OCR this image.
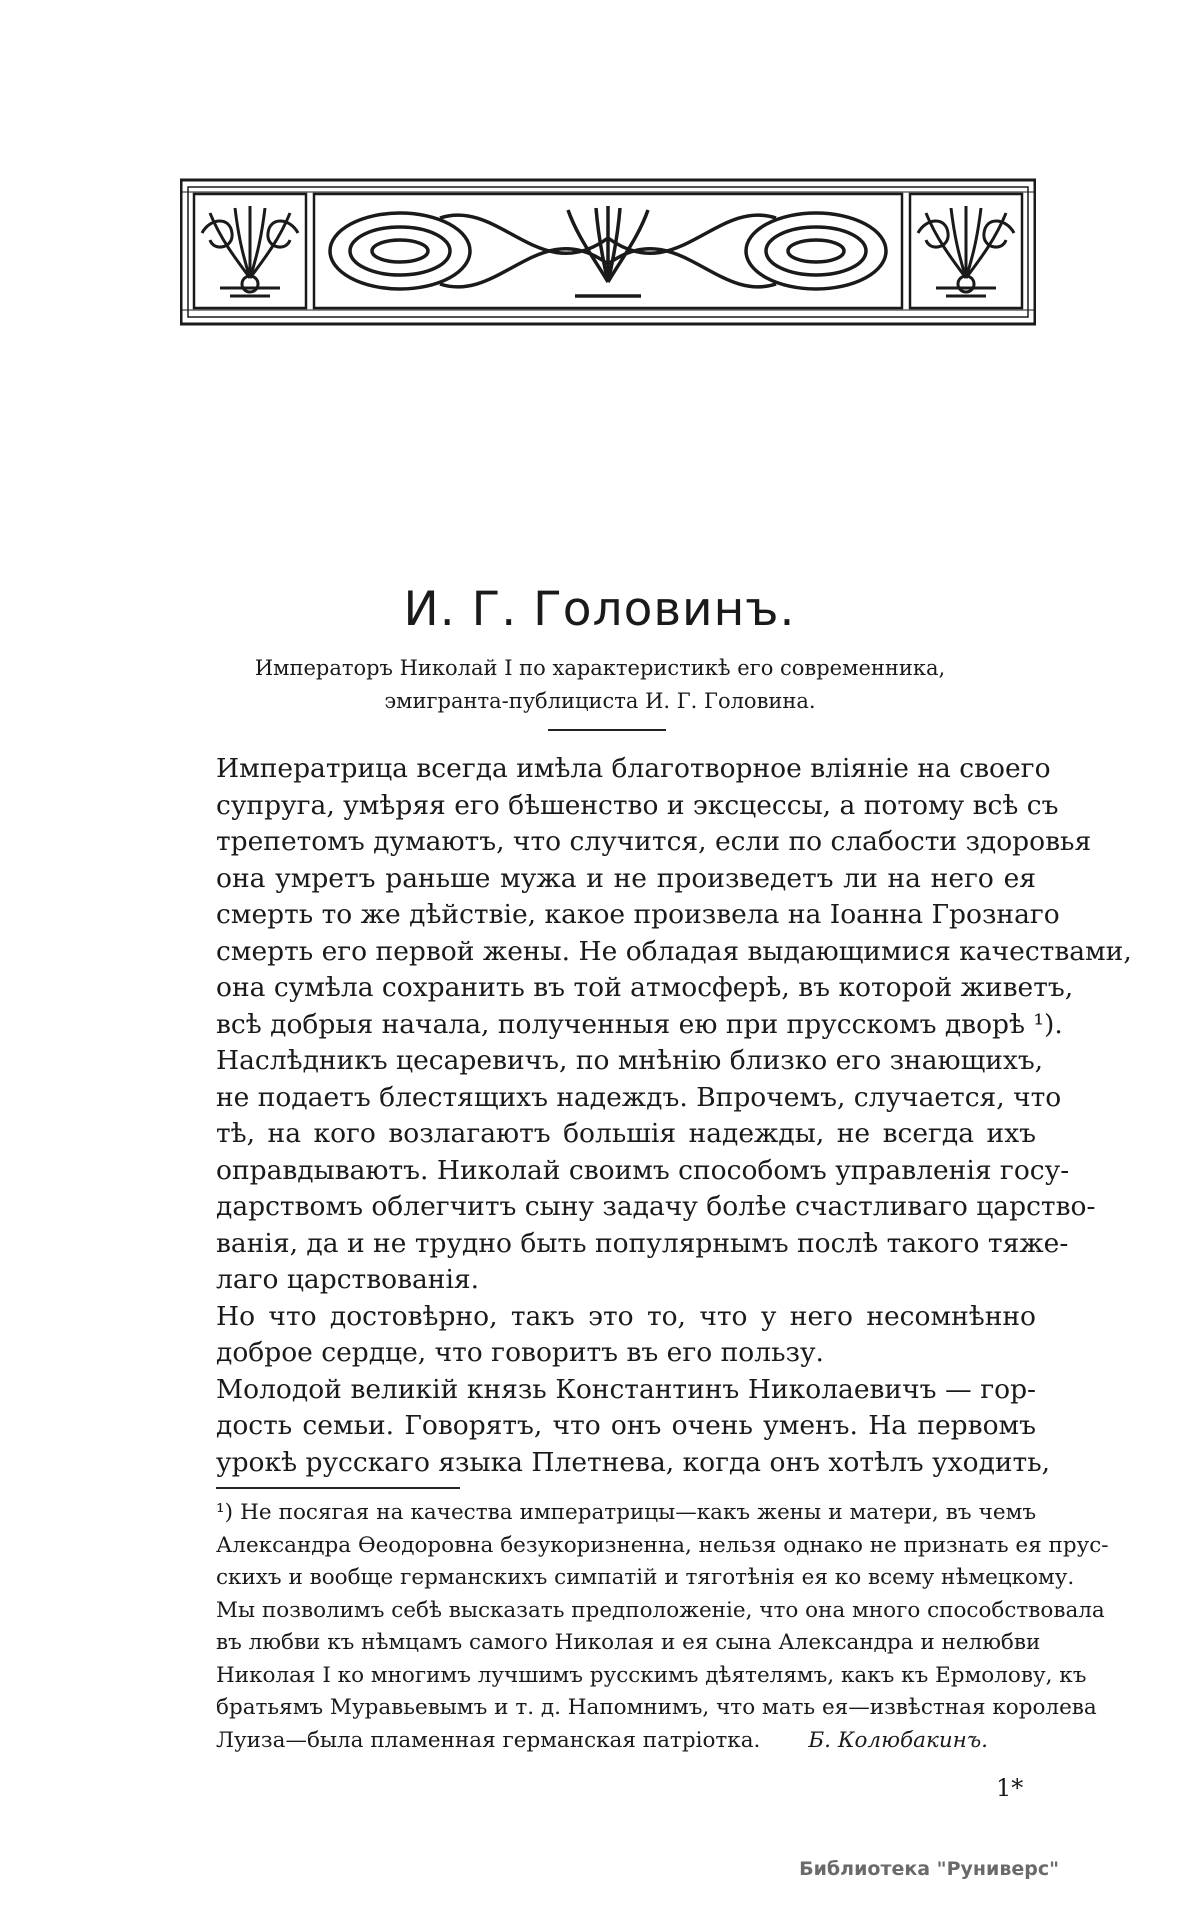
И. Г. Головинъ.
Императоръ Николай I по характеристикѣ его современника,
эмигранта-публициста И. Г. Головина.
Императрица всегда имѣла благотворное вліяніе на своего
супруга, умѣряя его бѣшенство и эксцессы, а потому всѣ съ
трепетомъ думаютъ, что случится, если по слабости здоровья
она умретъ раньше мужа и не произведетъ ли на него ея
смерть то же дѣйствіе, какое произвела на Іоанна Грознаго
смерть его первой жены. Не обладая выдающимися качествами,
она сумѣла сохранить въ той атмосферѣ, въ которой живетъ,
всѣ добрыя начала, полученныя ею при прусскомъ дворѣ ¹).
Наслѣдникъ цесаревичъ, по мнѣнію близко его знающихъ,
не подаетъ блестящихъ надеждъ. Впрочемъ, случается, что
тѣ, на кого возлагаютъ большія надежды, не всегда ихъ
оправдываютъ. Николай своимъ способомъ управленія госу-
дарствомъ облегчитъ сыну задачу болѣе счастливаго царство-
ванія, да и не трудно быть популярнымъ послѣ такого тяже-
лаго царствованія.
Но что достовѣрно, такъ это то, что у него несомнѣнно
доброе сердце, что говоритъ въ его пользу.
Молодой великій князь Константинъ Николаевичъ — гор-
дость семьи. Говорятъ, что онъ очень уменъ. На первомъ
урокѣ русскаго языка Плетнева, когда онъ хотѣлъ уходить,
¹) Не посягая на качества императрицы—какъ жены и матери, въ чемъ
Александра Ѳеодоровна безукоризненна, нельзя однако не признать ея прус-
скихъ и вообще германскихъ симпатій и тяготѣнія ея ко всему нѣмецкому.
Мы позволимъ себѣ высказать предположеніе, что она много способствовала
въ любви къ нѣмцамъ самого Николая и ея сына Александра и нелюбви
Николая I ко многимъ лучшимъ русскимъ дѣятелямъ, какъ къ Ермолову, къ
братьямъ Муравьевымъ и т. д. Напомнимъ, что мать ея—извѣстная королева
Луиза—была пламенная германская патріотка. Б. Колюбакинъ.
1*
Библиотека "Руниверс"
